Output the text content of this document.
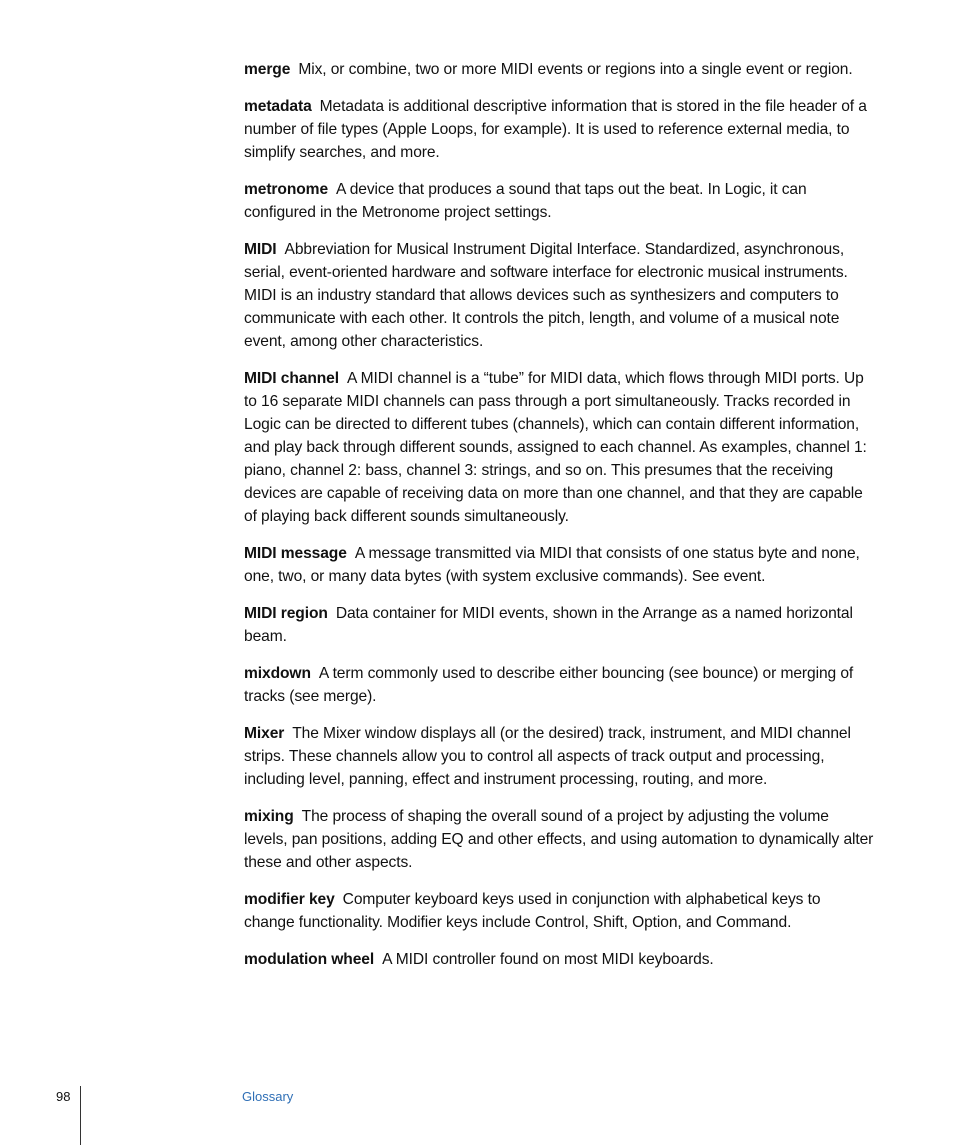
merge Mix, or combine, two or more MIDI events or regions into a single event or region.

metadata Metadata is additional descriptive information that is stored in the file header of a number of file types (Apple Loops, for example). It is used to reference external media, to simplify searches, and more.

metronome A device that produces a sound that taps out the beat. In Logic, it can configured in the Metronome project settings.

MIDI Abbreviation for Musical Instrument Digital Interface. Standardized, asynchronous, serial, event-oriented hardware and software interface for electronic musical instruments. MIDI is an industry standard that allows devices such as synthesizers and computers to communicate with each other. It controls the pitch, length, and volume of a musical note event, among other characteristics.

MIDI channel A MIDI channel is a “tube” for MIDI data, which flows through MIDI ports. Up to 16 separate MIDI channels can pass through a port simultaneously. Tracks recorded in Logic can be directed to different tubes (channels), which can contain different information, and play back through different sounds, assigned to each channel. As examples, channel 1: piano, channel 2: bass, channel 3: strings, and so on. This presumes that the receiving devices are capable of receiving data on more than one channel, and that they are capable of playing back different sounds simultaneously.

MIDI message A message transmitted via MIDI that consists of one status byte and none, one, two, or many data bytes (with system exclusive commands). See event.

MIDI region Data container for MIDI events, shown in the Arrange as a named horizontal beam.

mixdown A term commonly used to describe either bouncing (see bounce) or merging of tracks (see merge).

Mixer The Mixer window displays all (or the desired) track, instrument, and MIDI channel strips. These channels allow you to control all aspects of track output and processing, including level, panning, effect and instrument processing, routing, and more.

mixing The process of shaping the overall sound of a project by adjusting the volume levels, pan positions, adding EQ and other effects, and using automation to dynamically alter these and other aspects.

modifier key Computer keyboard keys used in conjunction with alphabetical keys to change functionality. Modifier keys include Control, Shift, Option, and Command.

modulation wheel A MIDI controller found on most MIDI keyboards.

98	Glossary
